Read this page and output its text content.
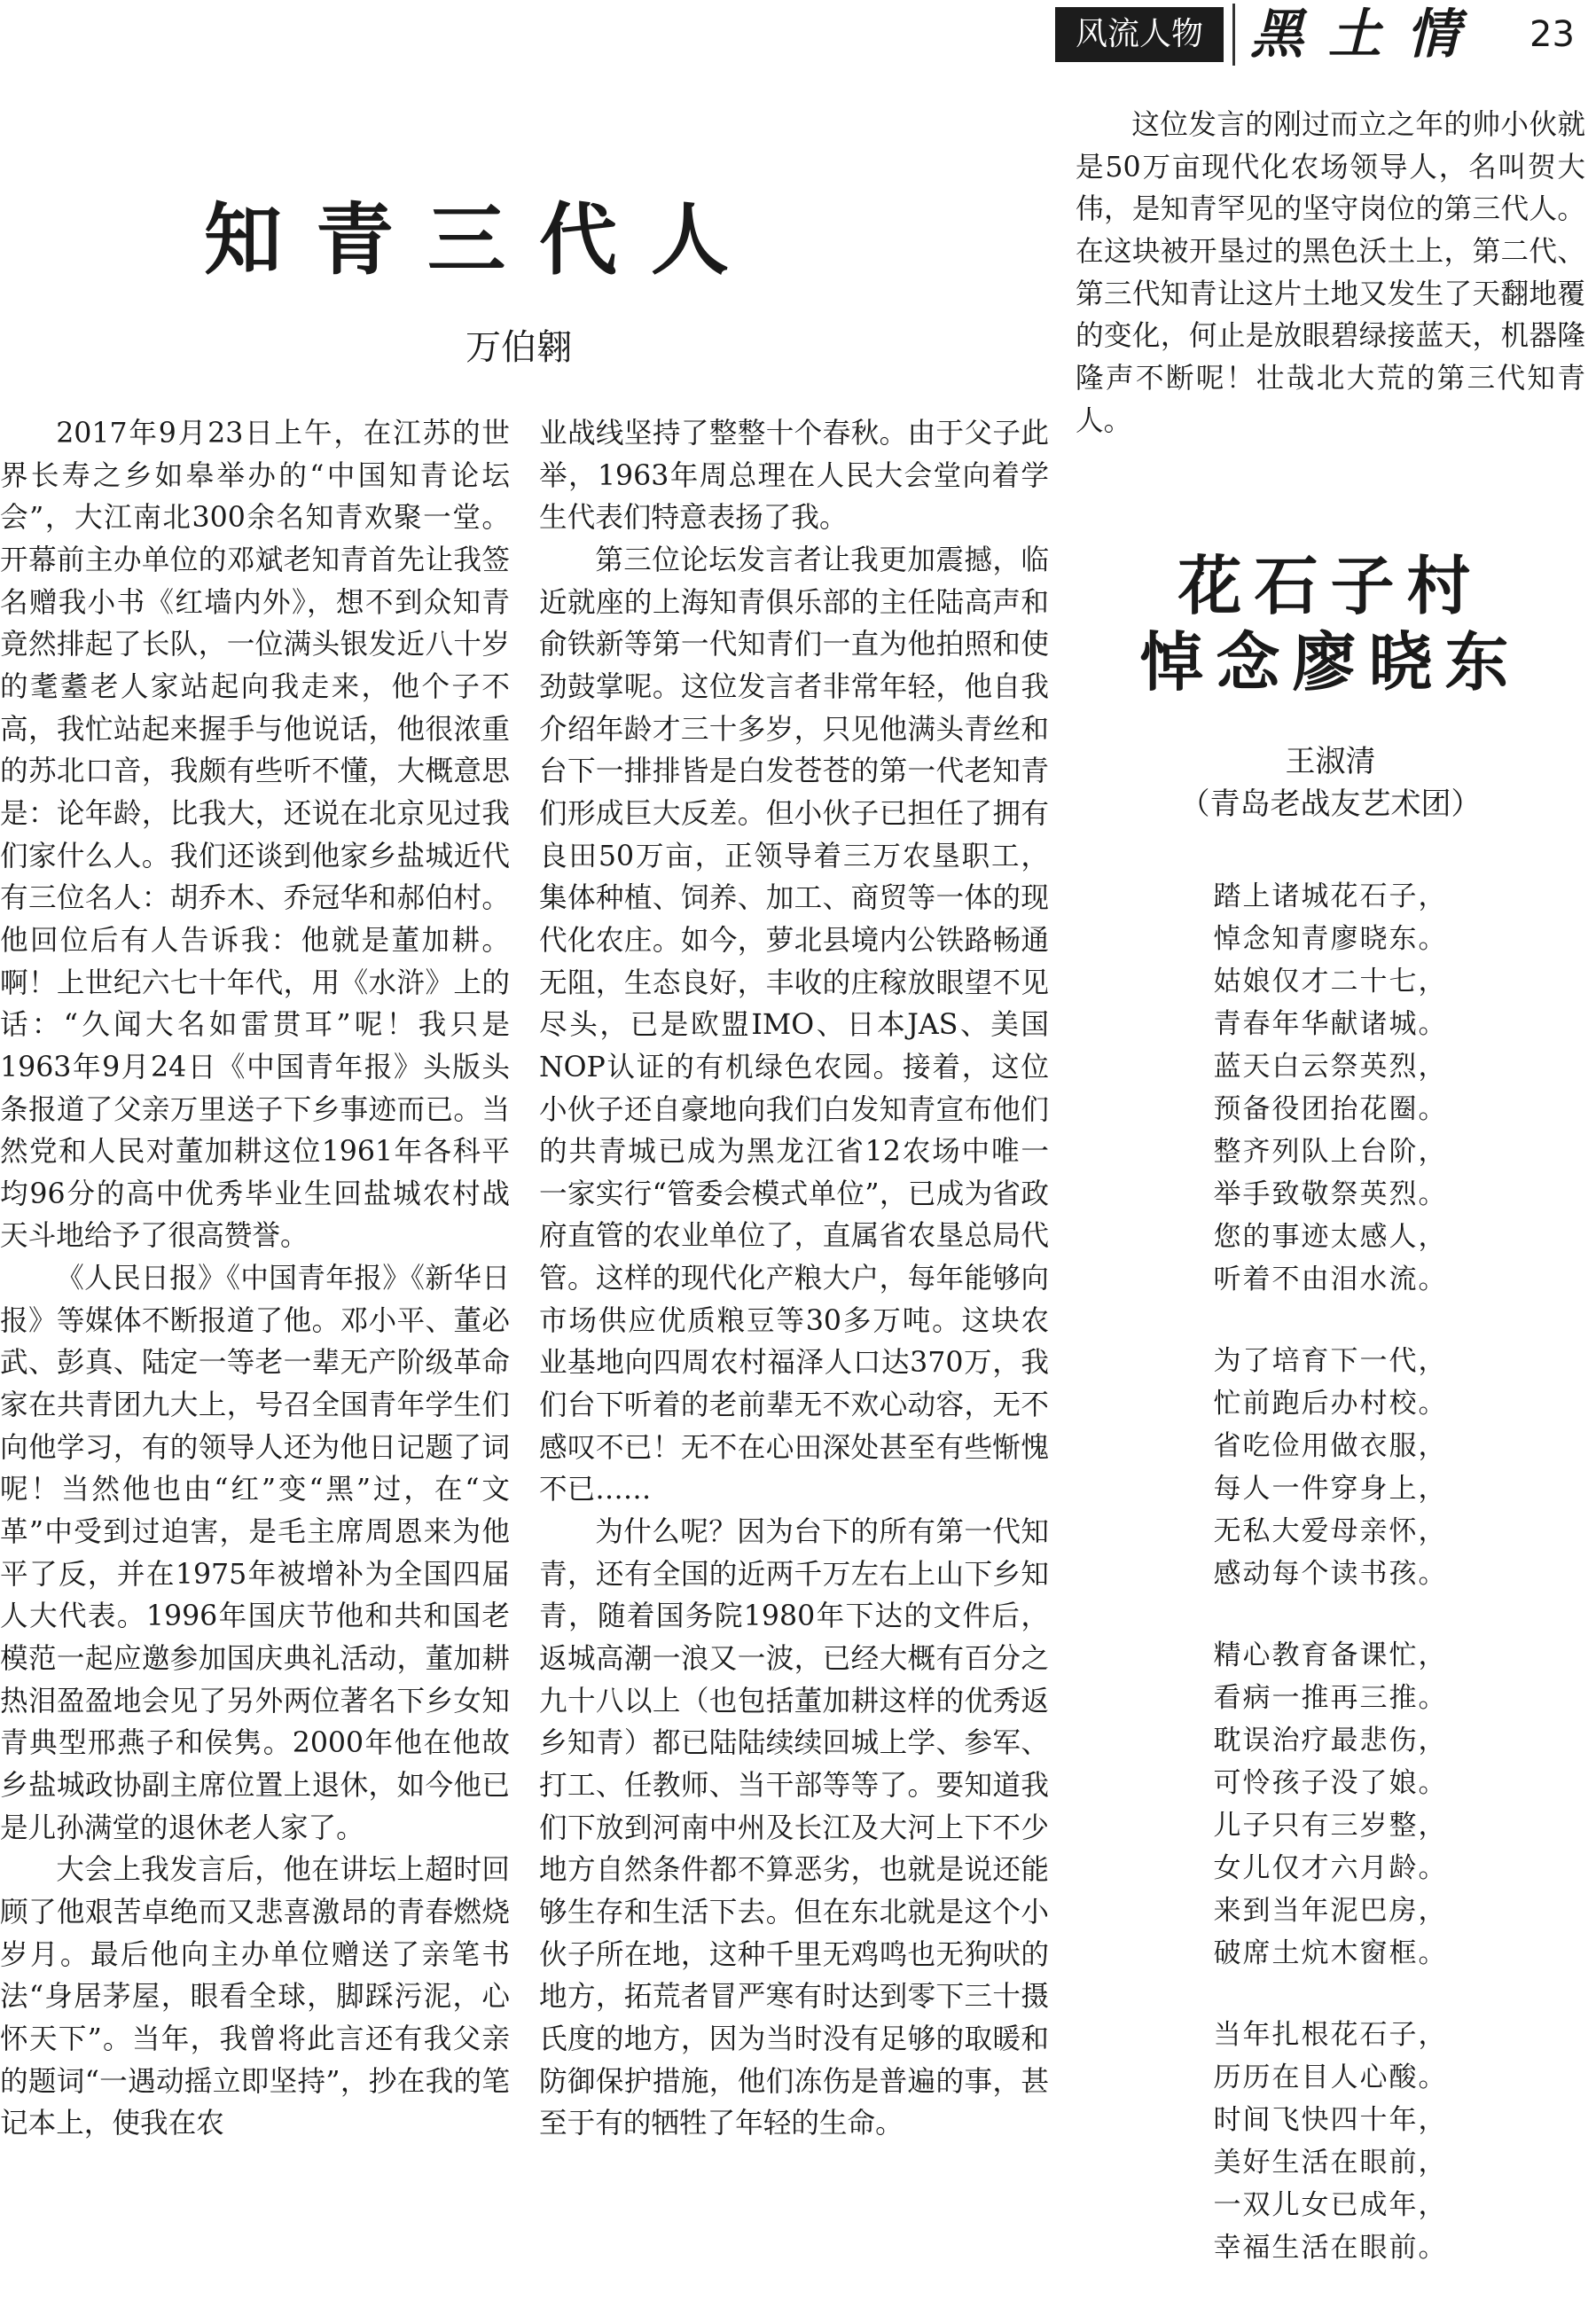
风流人物 黑土情 23
知青三代人
万伯翱

2017年9月23日上午，在江苏的世界长寿之乡如皋举办的“中国知青论坛会”，大江南北300余名知青欢聚一堂。开幕前主办单位的邓斌老知青首先让我签名赠我小书《红墙内外》，想不到众知青竟然排起了长队，一位满头银发近八十岁的耄耋老人家站起向我走来，他个子不高，我忙站起来握手与他说话，他很浓重的苏北口音，我颇有些听不懂，大概意思是：论年龄，比我大，还说在北京见过我们家什么人。我们还谈到他家乡盐城近代有三位名人：胡乔木、乔冠华和郝伯村。他回位后有人告诉我：他就是董加耕。啊！上世纪六七十年代，用《水浒》上的话：“久闻大名如雷贯耳”呢！我只是1963年9月24日《中国青年报》头版头条报道了父亲万里送子下乡事迹而已。当然党和人民对董加耕这位1961年各科平均96分的高中优秀毕业生回盐城农村战天斗地给予了很高赞誉。

《人民日报》《中国青年报》《新华日报》等媒体不断报道了他。邓小平、董必武、彭真、陆定一等老一辈无产阶级革命家在共青团九大上，号召全国青年学生们向他学习，有的领导人还为他日记题了词呢！当然他也由“红”变“黑”过，在“文革”中受到过迫害，是毛主席周恩来为他平了反，并在1975年被增补为全国四届人大代表。1996年国庆节他和共和国老模范一起应邀参加国庆典礼活动，董加耕热泪盈盈地会见了另外两位著名下乡女知青典型邢燕子和侯隽。2000年他在他故乡盐城政协副主席位置上退休，如今他已是儿孙满堂的退休老人家了。

大会上我发言后，他在讲坛上超时回顾了他艰苦卓绝而又悲喜激昂的青春燃烧岁月。最后他向主办单位赠送了亲笔书法“身居茅屋，眼看全球，脚踩污泥，心怀天下”。当年，我曾将此言还有我父亲的题词“一遇动摇立即坚持”，抄在我的笔记本上，使我在农

业战线坚持了整整十个春秋。由于父子此举，1963年周总理在人民大会堂向着学生代表们特意表扬了我。

第三位论坛发言者让我更加震撼，临近就座的上海知青俱乐部的主任陆高声和俞铁新等第一代知青们一直为他拍照和使劲鼓掌呢。这位发言者非常年轻，他自我介绍年龄才三十多岁，只见他满头青丝和台下一排排皆是白发苍苍的第一代老知青们形成巨大反差。但小伙子已担任了拥有良田50万亩，正领导着三万农垦职工，集体种植、饲养、加工、商贸等一体的现代化农庄。如今，萝北县境内公铁路畅通无阻，生态良好，丰收的庄稼放眼望不见尽头，已是欧盟IMO、日本JAS、美国NOP认证的有机绿色农园。接着，这位小伙子还自豪地向我们白发知青宣布他们的共青城已成为黑龙江省12农场中唯一一家实行“管委会模式单位”，已成为省政府直管的农业单位了，直属省农垦总局代管。这样的现代化产粮大户，每年能够向市场供应优质粮豆等30多万吨。这块农业基地向四周农村福泽人口达370万，我们台下听着的老前辈无不欢心动容，无不感叹不已！无不在心田深处甚至有些惭愧不已……

为什么呢？因为台下的所有第一代知青，还有全国的近两千万左右上山下乡知青，随着国务院1980年下达的文件后，返城高潮一浪又一波，已经大概有百分之九十八以上（也包括董加耕这样的优秀返乡知青）都已陆陆续续回城上学、参军、打工、任教师、当干部等等了。要知道我们下放到河南中州及长江及大河上下不少地方自然条件都不算恶劣，也就是说还能够生存和生活下去。但在东北就是这个小伙子所在地，这种千里无鸡鸣也无狗吠的地方，拓荒者冒严寒有时达到零下三十摄氏度的地方，因为当时没有足够的取暖和防御保护措施，他们冻伤是普遍的事，甚至于有的牺牲了年轻的生命。

这位发言的刚过而立之年的帅小伙就是50万亩现代化农场领导人，名叫贺大伟，是知青罕见的坚守岗位的第三代人。在这块被开垦过的黑色沃土上，第二代、第三代知青让这片土地又发生了天翻地覆的变化，何止是放眼碧绿接蓝天，机器隆隆声不断呢！壮哉北大荒的第三代知青人。

花石子村
悼念廖晓东
王淑清
（青岛老战友艺术团）
踏上诸城花石子，
悼念知青廖晓东。
姑娘仅才二十七，
青春年华献诸城。
蓝天白云祭英烈，
预备役团抬花圈。
整齐列队上台阶，
举手致敬祭英烈。
您的事迹太感人，
听着不由泪水流。
为了培育下一代，
忙前跑后办村校。
省吃俭用做衣服，
每人一件穿身上，
无私大爱母亲怀，
感动每个读书孩。
精心教育备课忙，
看病一推再三推。
耽误治疗最悲伤，
可怜孩子没了娘。
儿子只有三岁整，
女儿仅才六月龄。
来到当年泥巴房，
破席土炕木窗框。
当年扎根花石子，
历历在目人心酸。
时间飞快四十年，
美好生活在眼前，
一双儿女已成年，
幸福生活在眼前。
